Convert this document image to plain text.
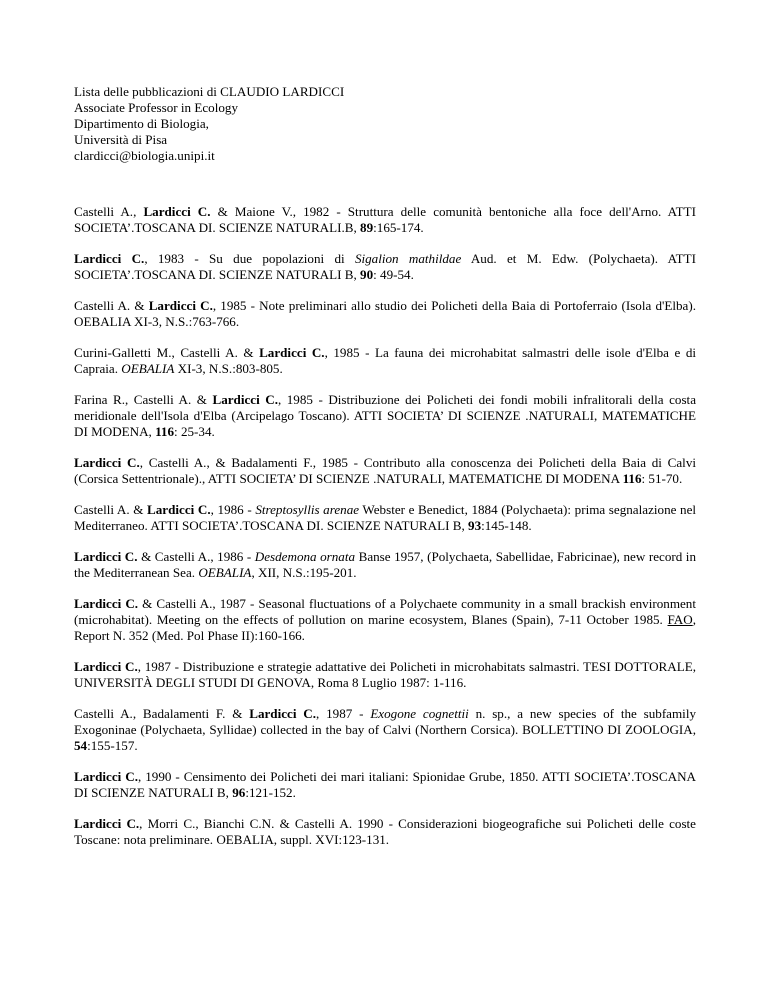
Lista delle pubblicazioni di CLAUDIO LARDICCI

Associate Professor in Ecology

Dipartimento di Biologia,

Università di Pisa

clardicci@biologia.unipi.it

Castelli A., Lardicci C. & Maione V., 1982 - Struttura delle comunità bentoniche alla foce dell'Arno. ATTI SOCIETA’.TOSCANA DI. SCIENZE NATURALI.B, 89:165-174.

Lardicci C., 1983 - Su due popolazioni di Sigalion mathildae Aud. et M. Edw. (Polychaeta). ATTI SOCIETA’.TOSCANA DI. SCIENZE NATURALI B, 90: 49-54.

Castelli A. & Lardicci C., 1985 - Note preliminari allo studio dei Policheti della Baia di Portoferraio (Isola d'Elba). OEBALIA XI-3, N.S.:763-766.

Curini-Galletti M., Castelli A. & Lardicci C., 1985 - La fauna dei microhabitat salmastri delle isole d'Elba e di Capraia. OEBALIA XI-3, N.S.:803-805.

Farina R., Castelli A. & Lardicci C., 1985 - Distribuzione dei Policheti dei fondi mobili infralitorali della costa meridionale dell'Isola d'Elba (Arcipelago Toscano). ATTI SOCIETA’ DI SCIENZE .NATURALI, MATEMATICHE DI MODENA, 116: 25-34.

Lardicci C., Castelli A., & Badalamenti F., 1985 - Contributo alla conoscenza dei Policheti della Baia di Calvi (Corsica Settentrionale)., ATTI SOCIETA’ DI SCIENZE .NATURALI, MATEMATICHE DI MODENA 116: 51-70.

Castelli A. & Lardicci C., 1986 - Streptosyllis arenae Webster e Benedict, 1884 (Polychaeta): prima segnalazione nel Mediterraneo. ATTI SOCIETA’.TOSCANA DI. SCIENZE NATURALI B, 93:145-148.

Lardicci C. & Castelli A., 1986 - Desdemona ornata Banse 1957, (Polychaeta, Sabellidae, Fabricinae), new record in the Mediterranean Sea. OEBALIA, XII, N.S.:195-201.

Lardicci C. & Castelli A., 1987 - Seasonal fluctuations of a Polychaete community in a small brackish environment (microhabitat). Meeting on the effects of pollution on marine ecosystem, Blanes (Spain), 7-11 October 1985. FAO, Report N. 352 (Med. Pol Phase II):160-166.

Lardicci C., 1987 - Distribuzione e strategie adattative dei Policheti in microhabitats salmastri. TESI DOTTORALE, UNIVERSITÀ DEGLI STUDI DI GENOVA, Roma 8 Luglio 1987: 1-116.

Castelli A., Badalamenti F. & Lardicci C., 1987 - Exogone cognettii n. sp., a new species of the subfamily Exogoninae (Polychaeta, Syllidae) collected in the bay of Calvi (Northern Corsica). BOLLETTINO DI ZOOLOGIA, 54:155-157.

Lardicci C., 1990 - Censimento dei Policheti dei mari italiani: Spionidae Grube, 1850. ATTI SOCIETA’.TOSCANA DI SCIENZE NATURALI B, 96:121-152.

Lardicci C., Morri C., Bianchi C.N. & Castelli A. 1990 - Considerazioni biogeografiche sui Policheti delle coste Toscane: nota preliminare. OEBALIA, suppl. XVI:123-131.
